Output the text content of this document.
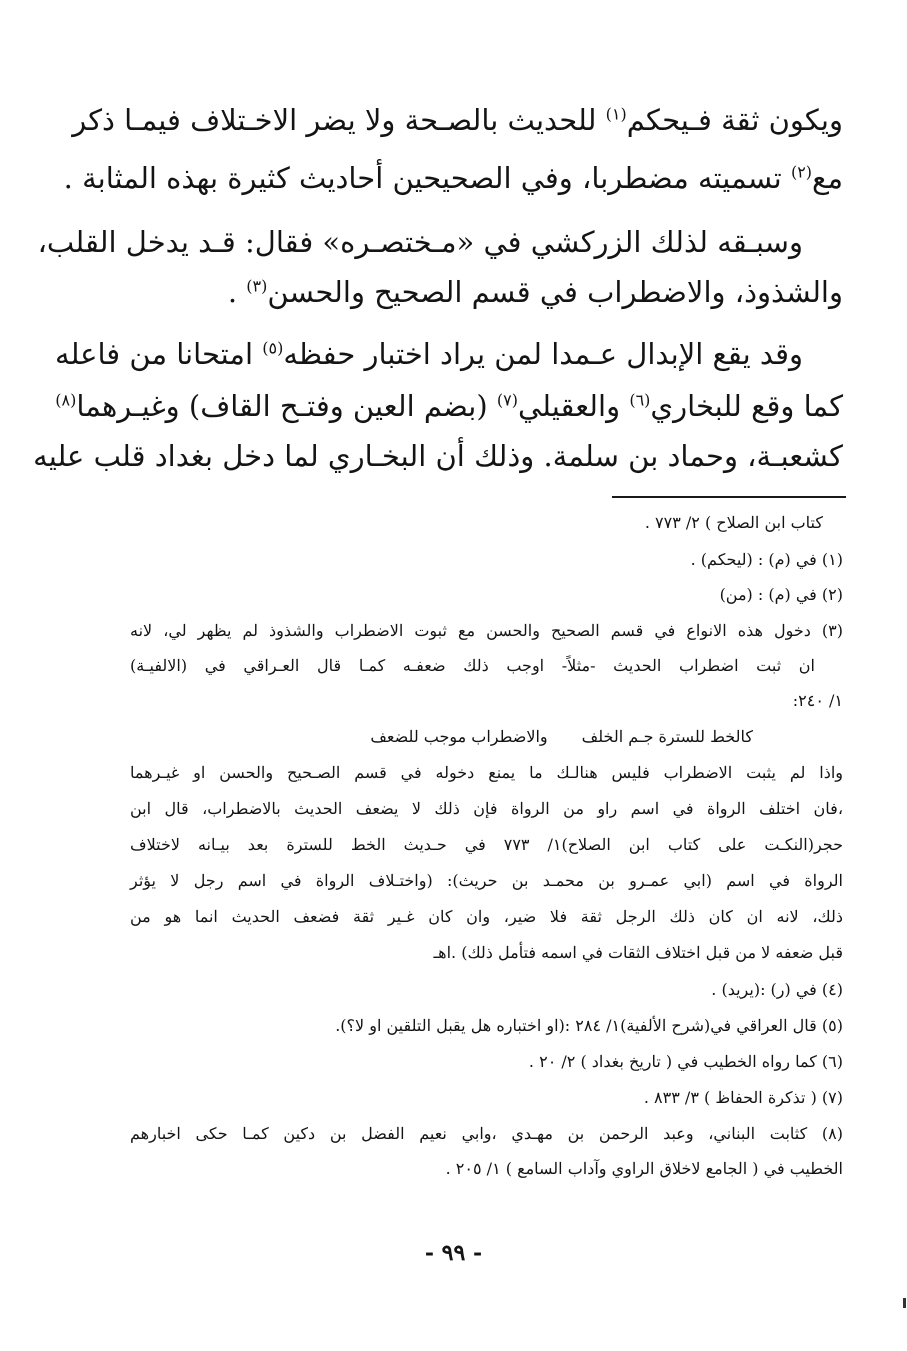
ويكون ثقة فـيحكم$^{(١)}$ للحديث بالصـحة ولا يضر الاخـتلاف فيمـا ذكر
مع$^{(٢)}$ تسميته مضطربا، وفي الصحيحين أحاديث كثيرة بهذه المثابة .
وسبـقه لذلك الزركشي في «مـختصـره» فقال: قـد يدخل القلب،
والشذوذ، والاضطراب في قسم الصحيح والحسن$^{(٣)}$ .
وقد يقع الإبدال عـمدا لمن يراد اختبار حفظه$^{(٥)}$ امتحانا من فاعله
كما وقع للبخاري$^{(٦)}$ والعقيلي$^{(٧)}$ (بضم العين وفتـح القاف) وغيـرهما$^{(٨)}$
كشعبـة، وحماد بن سلمة. وذلك أن البخـاري لما دخل بغداد قلب عليه
كتاب ابن الصلاح ) ٢/ ٧٧٣ .
(١) في (م) : (ليحكم) .
(٢) في (م) : (من)
(٣) دخول هذه الانواع في قسم الصحيح والحسن مع ثبوت الاضطراب والشذوذ لم يظهر لي، لانه
ان ثبت اضطراب الحديث -مثلاً- اوجب ذلك ضعفـه كمـا قال العـراقي في (الالفيـة)
١/ ٢٤٠:
كالخط للسترة جـم الخلفوالاضطراب موجب للضعف
واذا لم يثبت الاضطراب فليس هنالـك ما يمنع دخوله في قسم الصـحيح والحسن او غيـرهما
،فان اختلف الرواة في اسم راو من الرواة فإن ذلك لا يضعف الحديث بالاضطراب، قال ابن
حجر(النكـت على كتاب ابن الصلاح)١/ ٧٧٣ في حـديث الخط للسترة بعد بيـانه لاختلاف
الرواة في اسم (ابي عمـرو بن محمـد بن حريث): (واختـلاف الرواة في اسم رجل لا يؤثر
ذلك، لانه ان كان ذلك الرجل ثقة فلا ضير، وان كان غـير ثقة فضعف الحديث انما هو من
قبل ضعفه لا من قبل اختلاف الثقات في اسمه فتأمل ذلك) .اهـ
(٤) في (ر) :(يريد) .
(٥) قال العراقي في(شرح الألفية)١/ ٢٨٤ :(او اختباره هل يقبل التلقين او لا؟).
(٦) كما رواه الخطيب في ( تاريخ بغداد ) ٢/ ٢٠ .
(٧) ( تذكرة الحفاظ ) ٣/ ٨٣٣ .
(٨) كثابت البناني، وعبد الرحمن بن مهـدي ،وابي نعيم الفضل بن دكين كمـا حكى اخبارهم
الخطيب في ( الجامع لاخلاق الراوي وآداب السامع ) ١/ ٢٠٥ .
- ٩٩ -
